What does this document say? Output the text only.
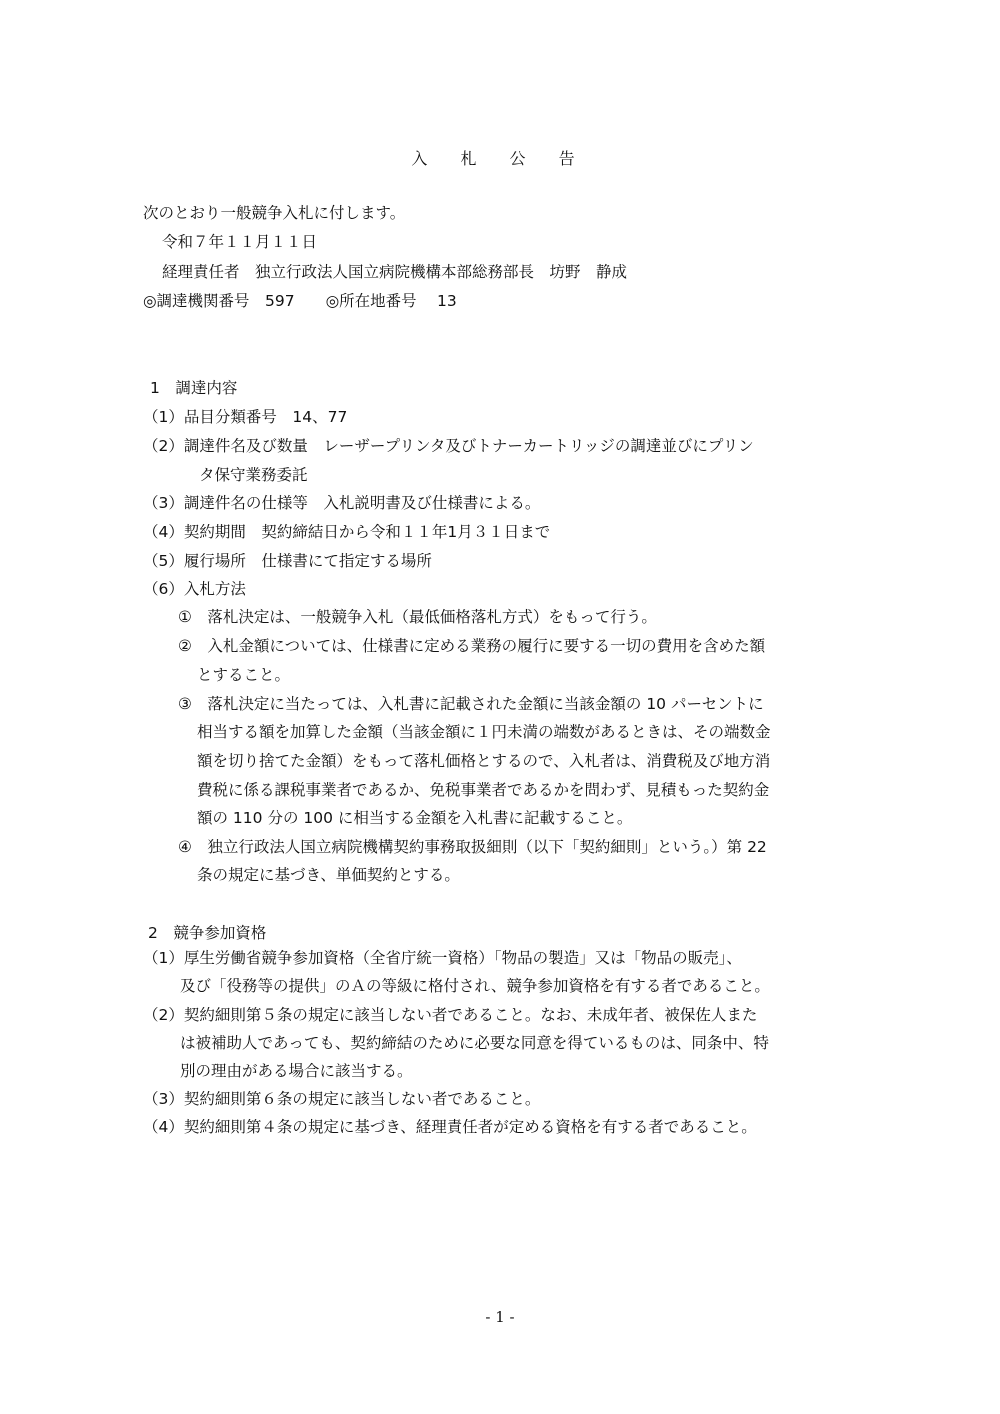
入 札 公 告
次のとおり一般競争入札に付します。
令和７年１１月１１日
経理責任者　独立行政法人国立病院機構本部総務部長　坊野　静成
◎調達機関番号　597　　◎所在地番号　 13
1　調達内容
（1）品目分類番号　14、77
（2）調達件名及び数量　レーザープリンタ及びトナーカートリッジの調達並びにプリン
タ保守業務委託
（3）調達件名の仕様等　入札説明書及び仕様書による。
（4）契約期間　契約締結日から令和１１年1月３１日まで
（5）履行場所　仕様書にて指定する場所
（6）入札方法
①　落札決定は、一般競争入札（最低価格落札方式）をもって行う。
②　入札金額については、仕様書に定める業務の履行に要する一切の費用を含めた額
とすること。
③　落札決定に当たっては、入札書に記載された金額に当該金額の 10 パーセントに
相当する額を加算した金額（当該金額に１円未満の端数があるときは、その端数金
額を切り捨てた金額）をもって落札価格とするので、入札者は、消費税及び地方消
費税に係る課税事業者であるか、免税事業者であるかを問わず、見積もった契約金
額の 110 分の 100 に相当する金額を入札書に記載すること。
④　独立行政法人国立病院機構契約事務取扱細則（以下「契約細則」という。）第 22
条の規定に基づき、単価契約とする。
2　競争参加資格
（1）厚生労働省競争参加資格（全省庁統一資格）「物品の製造」又は「物品の販売」、
及び「役務等の提供」のＡの等級に格付され、競争参加資格を有する者であること。
（2）契約細則第５条の規定に該当しない者であること。なお、未成年者、被保佐人また
は被補助人であっても、契約締結のために必要な同意を得ているものは、同条中、特
別の理由がある場合に該当する。
（3）契約細則第６条の規定に該当しない者であること。
（4）契約細則第４条の規定に基づき、経理責任者が定める資格を有する者であること。
- 1 -
